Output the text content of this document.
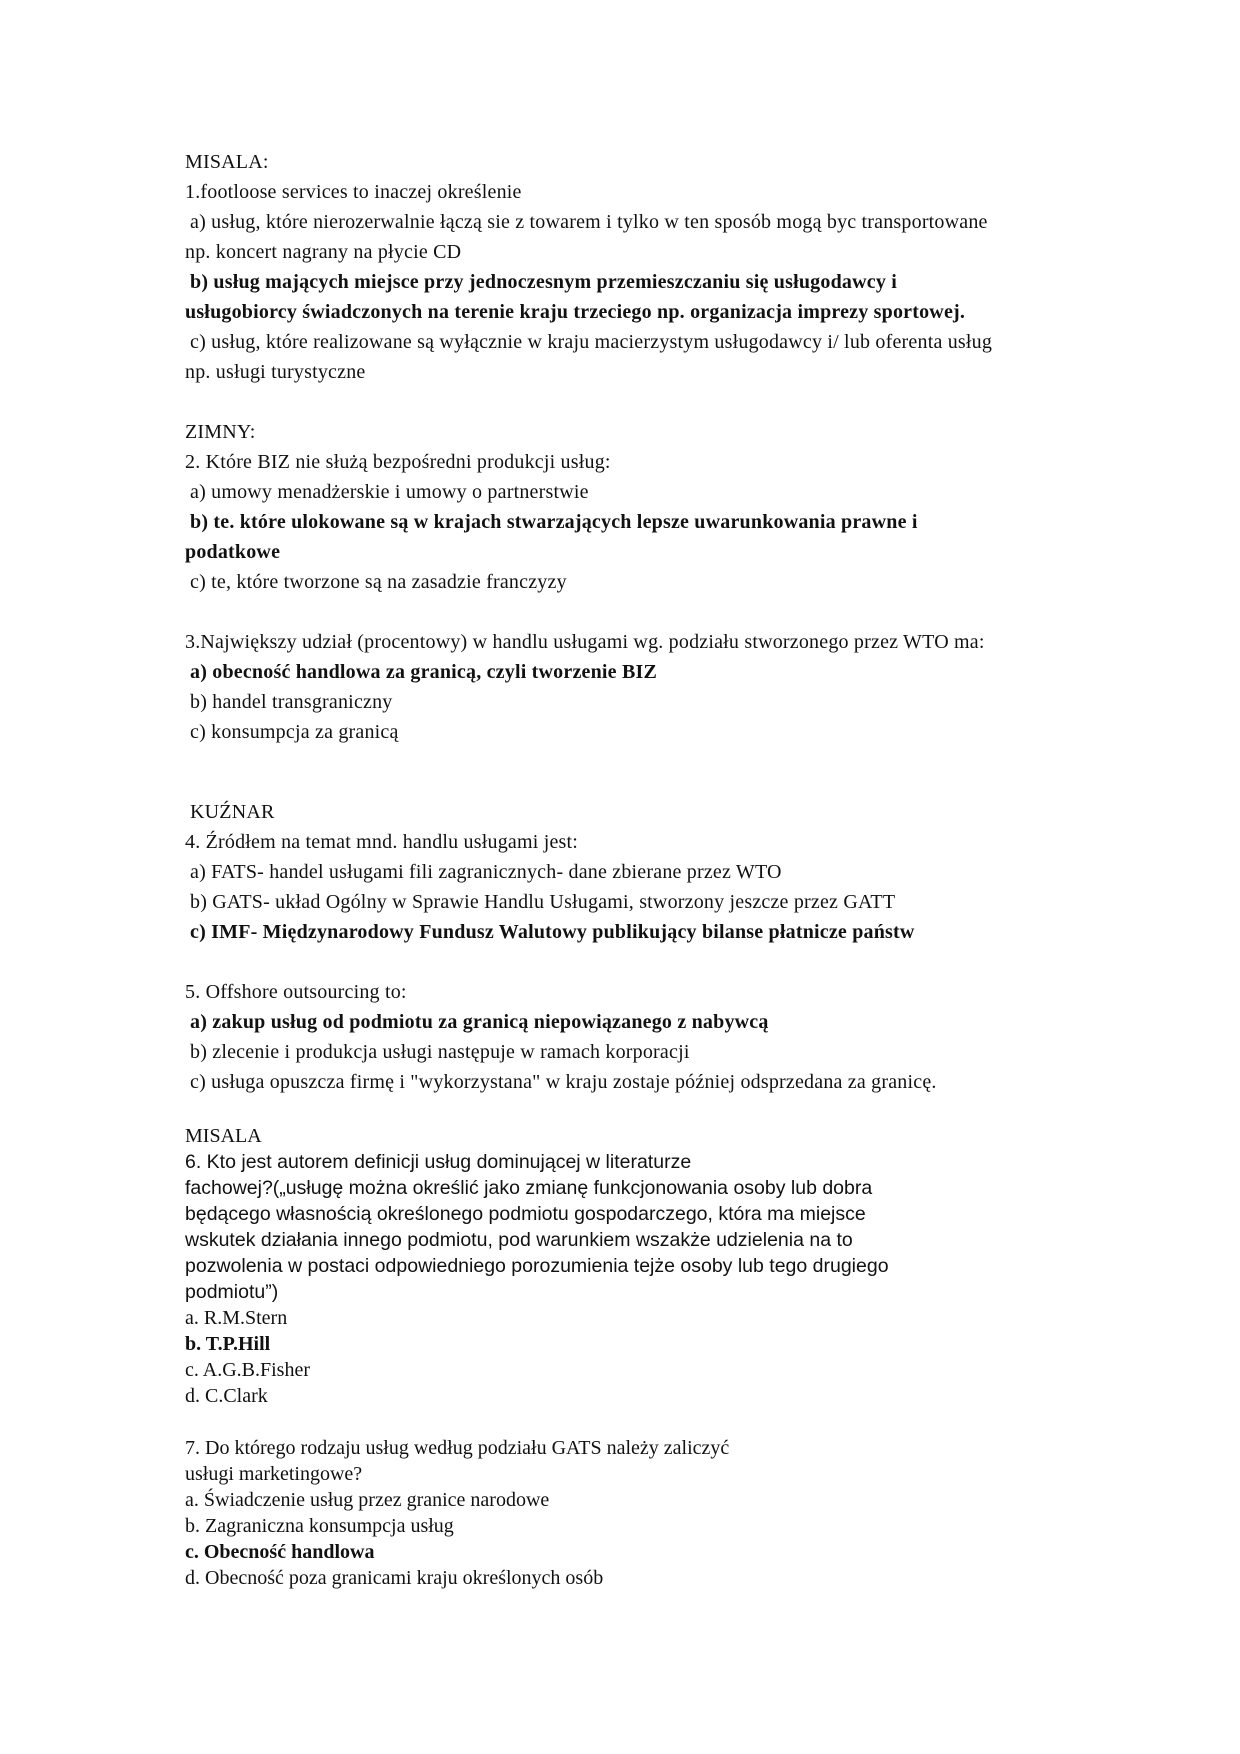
MISALA:
1.footloose services to inaczej określenie
a) usług, które nierozerwalnie łączą sie z towarem i tylko w ten sposób mogą byc transportowane
np. koncert nagrany na płycie CD
b) usług mających miejsce przy jednoczesnym przemieszczaniu się usługodawcy i
usługobiorcy świadczonych na terenie kraju trzeciego np. organizacja imprezy sportowej.
c) usług, które realizowane są wyłącznie w kraju macierzystym usługodawcy i/ lub oferenta usług
np. usługi turystyczne
ZIMNY:
2. Które BIZ nie służą bezpośredni produkcji usług:
a) umowy menadżerskie i umowy o partnerstwie
b) te. które ulokowane są w krajach stwarzających lepsze uwarunkowania prawne i
podatkowe
c) te, które tworzone są na zasadzie franczyzy
3.Największy udział (procentowy) w handlu usługami wg. podziału stworzonego przez WTO ma:
a) obecność handlowa za granicą, czyli tworzenie BIZ
b) handel transgraniczny
c) konsumpcja za granicą
KUŹNAR
4. Źródłem na temat mnd. handlu usługami jest:
a) FATS- handel usługami fili zagranicznych- dane zbierane przez WTO
b) GATS- układ Ogólny w Sprawie Handlu Usługami, stworzony jeszcze przez GATT
c) IMF- Międzynarodowy Fundusz Walutowy publikujący bilanse płatnicze państw
5. Offshore outsourcing to:
a) zakup usług od podmiotu za granicą niepowiązanego z nabywcą
b) zlecenie i produkcja usługi następuje w ramach korporacji
c) usługa opuszcza firmę i "wykorzystana" w kraju zostaje później odsprzedana za granicę.
MISALA
6. Kto jest autorem definicji usług dominującej w literaturze
fachowej?(„usługę można określić jako zmianę funkcjonowania osoby lub dobra
będącego własnością określonego podmiotu gospodarczego, która ma miejsce
wskutek działania innego podmiotu, pod warunkiem wszakże udzielenia na to
pozwolenia w postaci odpowiedniego porozumienia tejże osoby lub tego drugiego
podmiotu”)
a. R.M.Stern
b. T.P.Hill
c. A.G.B.Fisher
d. C.Clark
7. Do którego rodzaju usług według podziału GATS należy zaliczyć
usługi marketingowe?
a. Świadczenie usług przez granice narodowe
b. Zagraniczna konsumpcja usług
c. Obecność handlowa
d. Obecność poza granicami kraju określonych osób
